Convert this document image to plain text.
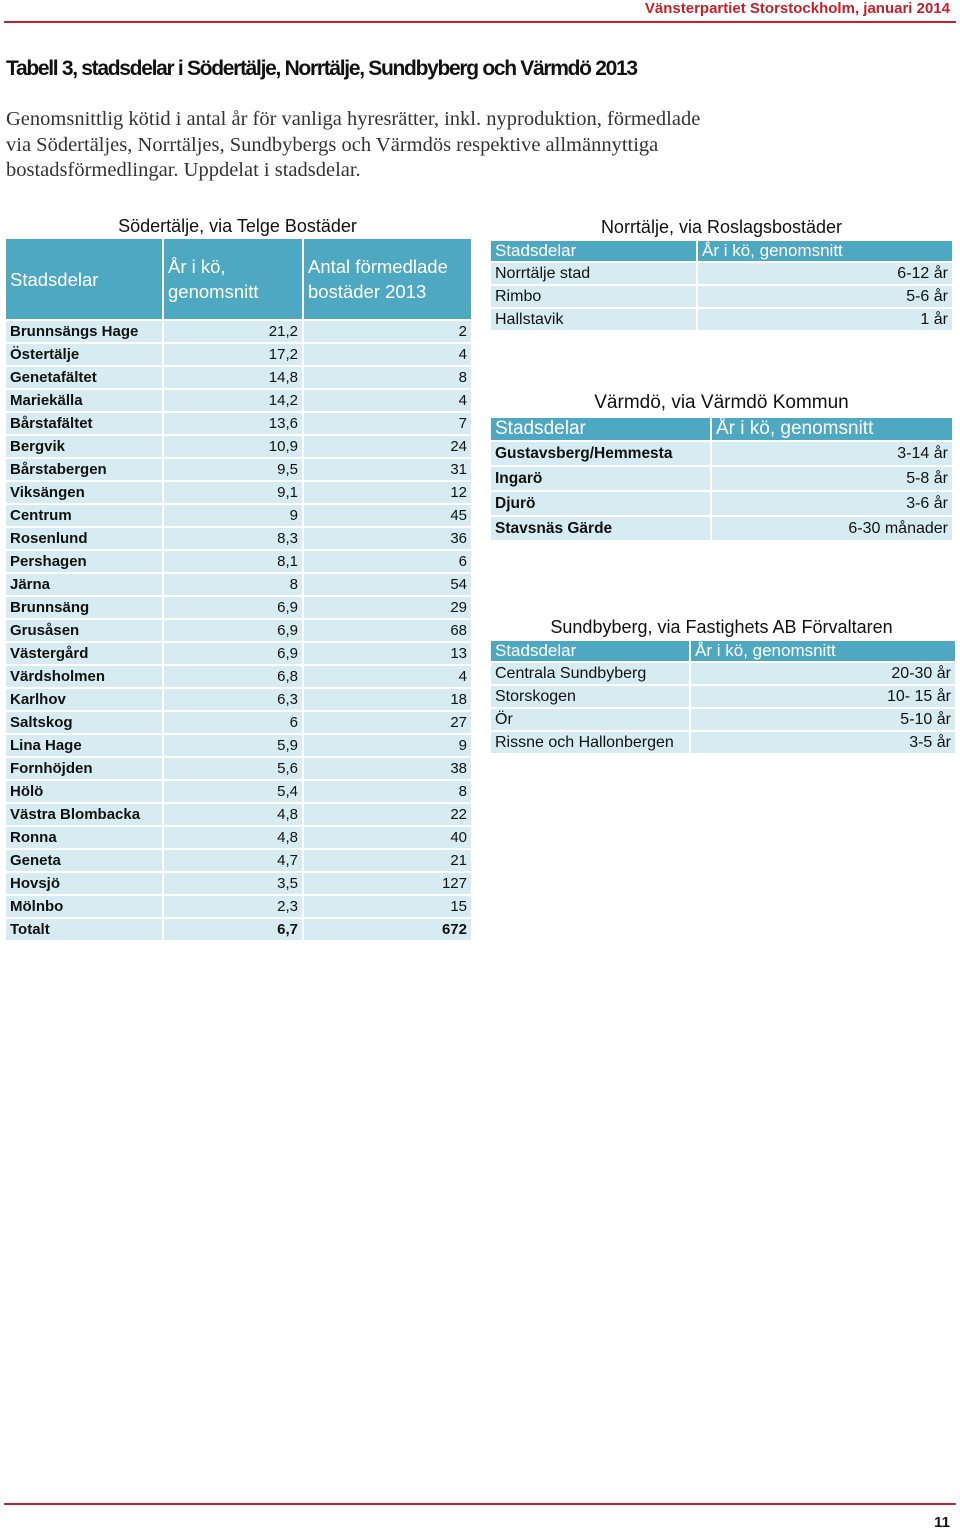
Vänsterpartiet Storstockholm, januari 2014
Tabell 3, stadsdelar i Södertälje, Norrtälje, Sundbyberg och Värmdö 2013
Genomsnittlig kötid i antal år för vanliga hyresrätter, inkl. nyproduktion, förmedlade via Södertäljes, Norrtäljes, Sundbybergs och Värmdös respektive allmännyttiga bostadsförmedlingar. Uppdelat i stadsdelar.
Södertälje, via Telge Bostäder
Stadsdelar	År i kö, genomsnitt	Antal förmedlade bostäder 2013
Brunnsängs Hage	21,2	2
Östertälje	17,2	4
Genetafältet	14,8	8
Mariekälla	14,2	4
Bårstafältet	13,6	7
Bergvik	10,9	24
Bårstabergen	9,5	31
Viksängen	9,1	12
Centrum	9	45
Rosenlund	8,3	36
Pershagen	8,1	6
Järna	8	54
Brunnsäng	6,9	29
Grusåsen	6,9	68
Västergård	6,9	13
Värdsholmen	6,8	4
Karlhov	6,3	18
Saltskog	6	27
Lina Hage	5,9	9
Fornhöjden	5,6	38
Hölö	5,4	8
Västra Blombacka	4,8	22
Ronna	4,8	40
Geneta	4,7	21
Hovsjö	3,5	127
Mölnbo	2,3	15
Totalt	6,7	672
Norrtälje, via Roslagsbostäder
Stadsdelar	År i kö, genomsnitt
Norrtälje stad	6-12 år
Rimbo	5-6 år
Hallstavik	1 år
Värmdö, via Värmdö Kommun
Stadsdelar	År i kö, genomsnitt
Gustavsberg/Hemmesta	3-14 år
Ingarö	5-8 år
Djurö	3-6 år
Stavsnäs Gärde	6-30 månader
Sundbyberg, via Fastighets AB Förvaltaren
Stadsdelar	År i kö, genomsnitt
Centrala Sundbyberg	20-30 år
Storskogen	10- 15 år
Ör	5-10 år
Rissne och Hallonbergen	3-5 år
11
